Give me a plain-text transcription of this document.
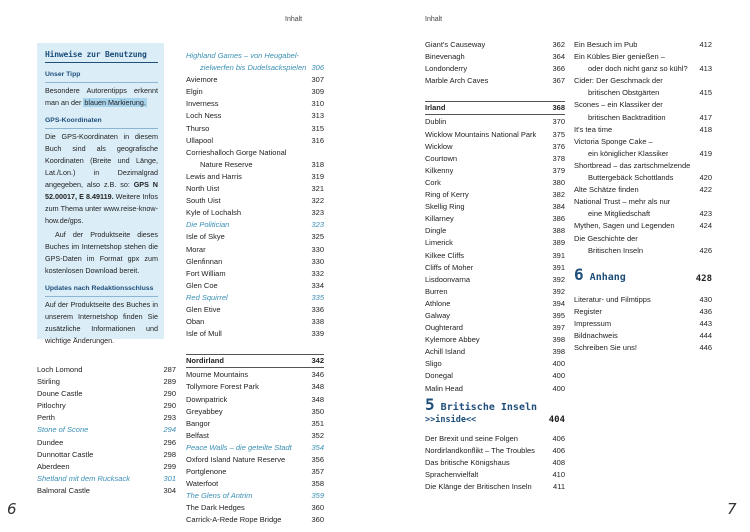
Inhalt	Inhalt
Hinweise zur Benutzung
Unser Tipp

Besondere Autorentipps erkennt man an der blauen Markierung.

GPS-Koordinaten

Die GPS-Koordinaten in diesem Buch sind als geografische Koordinaten (Breite und Länge, Lat./Lon.) in Dezimalgrad angegeben, also z.B. so: GPS N 52.00017, E 8.49119. Weitere Infos zum Thema unter www.reise-know-how.de/gps.

Auf der Produktseite dieses Buches im Internetshop stehen die GPS-Daten im Format gpx zum kostenlosen Download bereit.

Updates nach Redaktionsschluss

Auf der Produktseite des Buches in unserem Internetshop finden Sie zusätzliche Informationen und wichtige Änderungen.

Loch Lomond	287
Stirling	289
Doune Castle	290
Pitlochry	290
Perth	293
Stone of Scone	294
Dundee	296
Dunnottar Castle	298
Aberdeen	299
Shetland mit dem Rucksack	301
Balmoral Castle	304
Highland Games – von Heugabel-
zielwerfen bis Dudelsackspielen 306
Aviemore	307
Elgin	309
Inverness	310
Loch Ness	313
Thurso	315
Ullapool	316
Corrieshalloch Gorge National
Nature Reserve	318
Lewis and Harris	319
North Uist	321
South Uist	322
Kyle of Lochalsh	323
Die Politician	323
Isle of Skye	325
Morar	330
Glenfinnan	330
Fort William	332
Glen Coe	334
Red Squirrel	335
Glen Etive	336
Oban	338
Isle of Mull	339
Nordirland	342
Mourne Mountains	346
Tollymore Forest Park	348
Downpatrick	348
Greyabbey	350
Bangor	351
Belfast	352
Peace Walls – die geteilte Stadt	354
Oxford Island Nature Reserve	356
Portglenone	357
Waterfoot	358
The Glens of Antrim	359
The Dark Hedges	360
Carrick-A-Rede Rope Bridge	360
Giant's Causeway	362
Binevenagh	364
Londonderry	366
Marble Arch Caves	367
Irland	368
Dublin	370
Wicklow Mountains National Park	375
Wicklow	376
Courtown	378
Kilkenny	379
Cork	380
Ring of Kerry	382
Skellig Ring	384
Killarney	386
Dingle	388
Limerick	389
Kilkee Cliffs	391
Cliffs of Moher	391
Lisdoonvarna	392
Burren	392
Athlone	394
Galway	395
Oughterard	397
Kylemore Abbey	398
Achill Island	398
Sligo	400
Donegal	400
Malin Head	400
5 Britische Inseln
>>inside<<	404
Der Brexit und seine Folgen	406
Nordirlandkonflikt – The Troubles	406
Das britische Königshaus	408
Sprachenvielfalt	410
Die Klänge der Britischen Inseln	411
Ein Besuch im Pub	412
Ein Kübles Bier genießen –
oder doch nicht ganz so kühl?	413
Cider: Der Geschmack der
britischen Obstgärten	415
Scones – ein Klassiker der
britischen Backtradition	417
It's tea time	418
Victoria Sponge Cake –
ein königlicher Klassiker	419
Shortbread – das zartschmelzende
Buttergebäck Schottlands	420
Alte Schätze finden	422
National Trust – mehr als nur
eine Mitgliedschaft	423
Mythen, Sagen und Legenden	424
Die Geschichte der
Britischen Inseln	426
6 Anhang	428
Literatur- und Filmtipps	430
Register	436
Impressum	443
Bildnachweis	444
Schreiben Sie uns!	446
6	7
